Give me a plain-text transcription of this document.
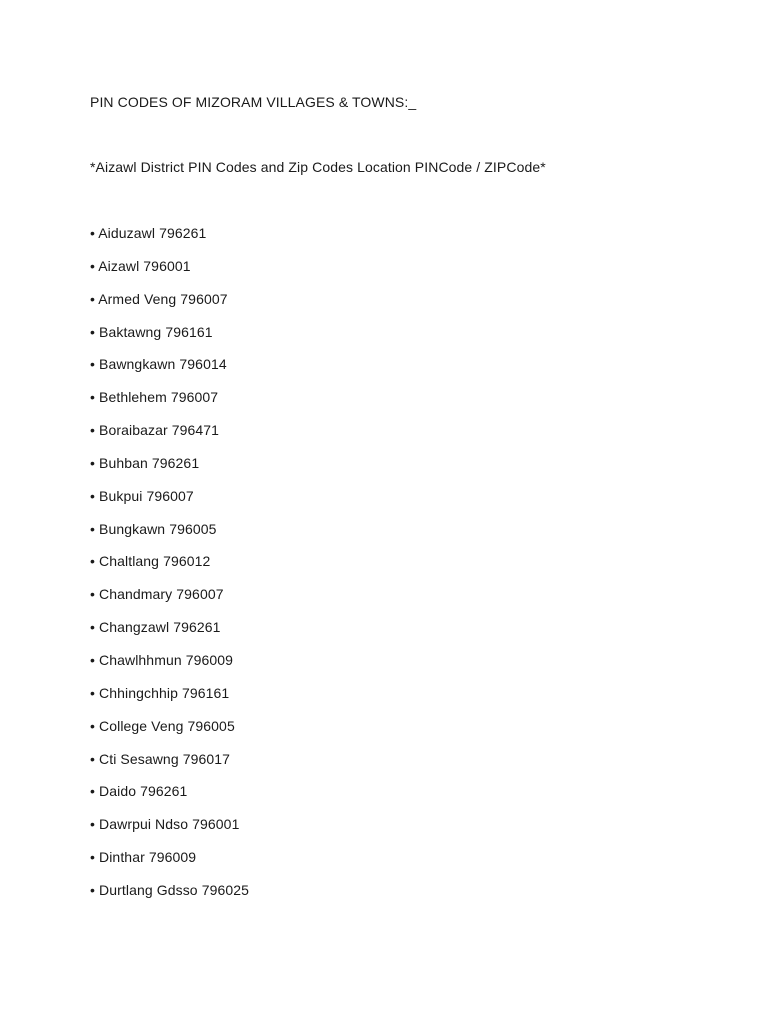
PIN CODES OF MIZORAM VILLAGES & TOWNS:_
*Aizawl District PIN Codes and Zip Codes Location PINCode / ZIPCode*
• Aiduzawl 796261
• Aizawl 796001
• Armed Veng 796007
• Baktawng 796161
• Bawngkawn 796014
• Bethlehem 796007
• Boraibazar 796471
• Buhban 796261
• Bukpui 796007
• Bungkawn 796005
• Chaltlang 796012
• Chandmary 796007
• Changzawl 796261
• Chawlhhmun 796009
• Chhingchhip 796161
• College Veng 796005
• Cti Sesawng 796017
• Daido 796261
• Dawrpui Ndso 796001
• Dinthar 796009
• Durtlang Gdsso 796025
